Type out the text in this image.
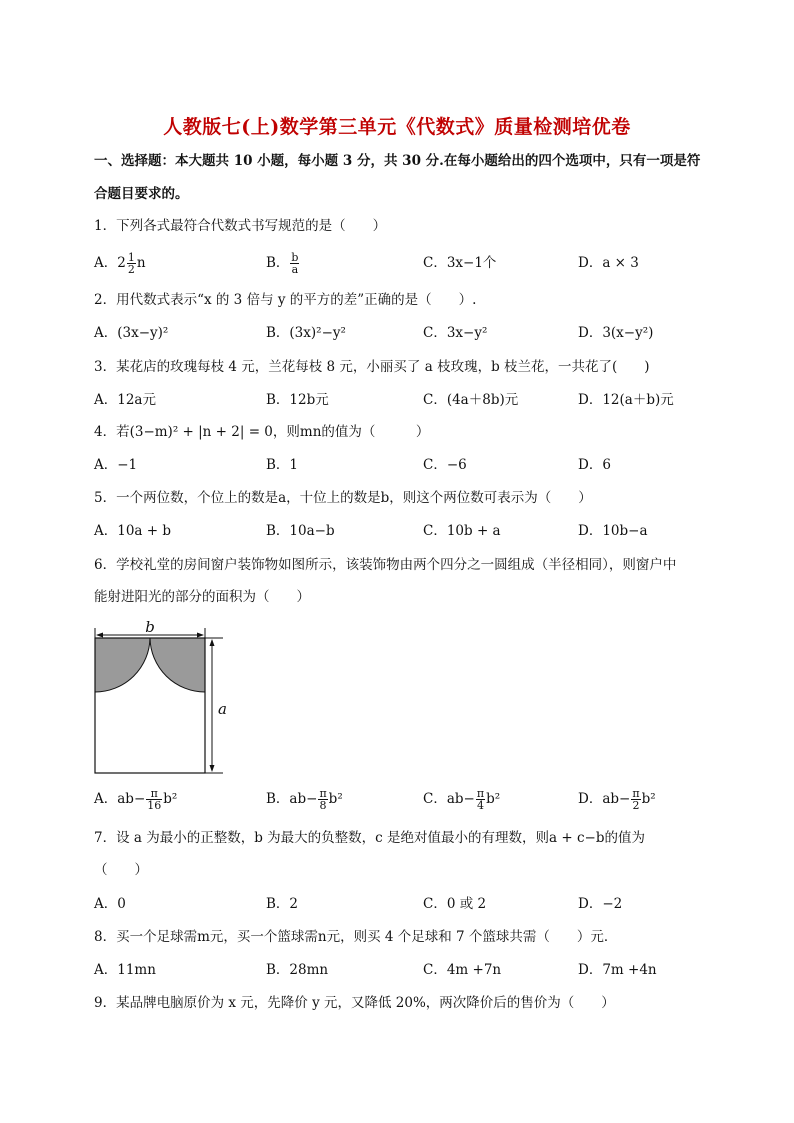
人教版七(上)数学第三单元《代数式》质量检测培优卷
一、选择题：本大题共 10 小题，每小题 3 分，共 30 分.在每小题给出的四个选项中，只有一项是符
合题目要求的。
1．下列各式最符合代数式书写规范的是（　　）
A．$2 \frac{1}{2}$ n	B． $\frac{b}{a}$	C．3x−1个	D．a × 3
2．用代数式表示“x 的 3 倍与 y 的平方的差”正确的是（　　）.
A．(3x−y)²	B．(3x)²−y²	C．3x−y²	D．3(x−y²)
3．某花店的玫瑰每枝 4 元，兰花每枝 8 元，小丽买了 a 枝玫瑰，b 枝兰花，一共花了(　　)
A．12a元	B．12b元	C．(4a＋8b)元	D．12(a＋b)元
4．若(3−m)² + |n + 2| = 0，则mn的值为（　　　）
A．−1	B．1	C．−6	D．6
5．一个两位数，个位上的数是a，十位上的数是b，则这个两位数可表示为（　　）
A．10a + b	B．10a−b	C．10b + a	D．10b−a
6．学校礼堂的房间窗户装饰物如图所示，该装饰物由两个四分之一圆组成（半径相同），则窗户中
能射进阳光的部分的面积为（　　）
b
a
A．$ab- \frac{\pi}{16} b^2$	B．$ab- \frac{\pi}{8} b^2$	C．$ab- \frac{\pi}{4} b^2$	D．$ab- \frac{\pi}{2} b^2$
7．设 a 为最小的正整数，b 为最大的负整数，c 是绝对值最小的有理数，则a + c−b的值为
（　　）
A．0	B．2	C．0 或 2	D．−2
8．买一个足球需m元，买一个篮球需n元，则买 4 个足球和 7 个篮球共需（　　）元．
A．11mn	B．28mn	C．4m +7n	D．7m +4n
9．某品牌电脑原价为 x 元，先降价 y 元，又降低 20%，两次降价后的售价为（　　）
